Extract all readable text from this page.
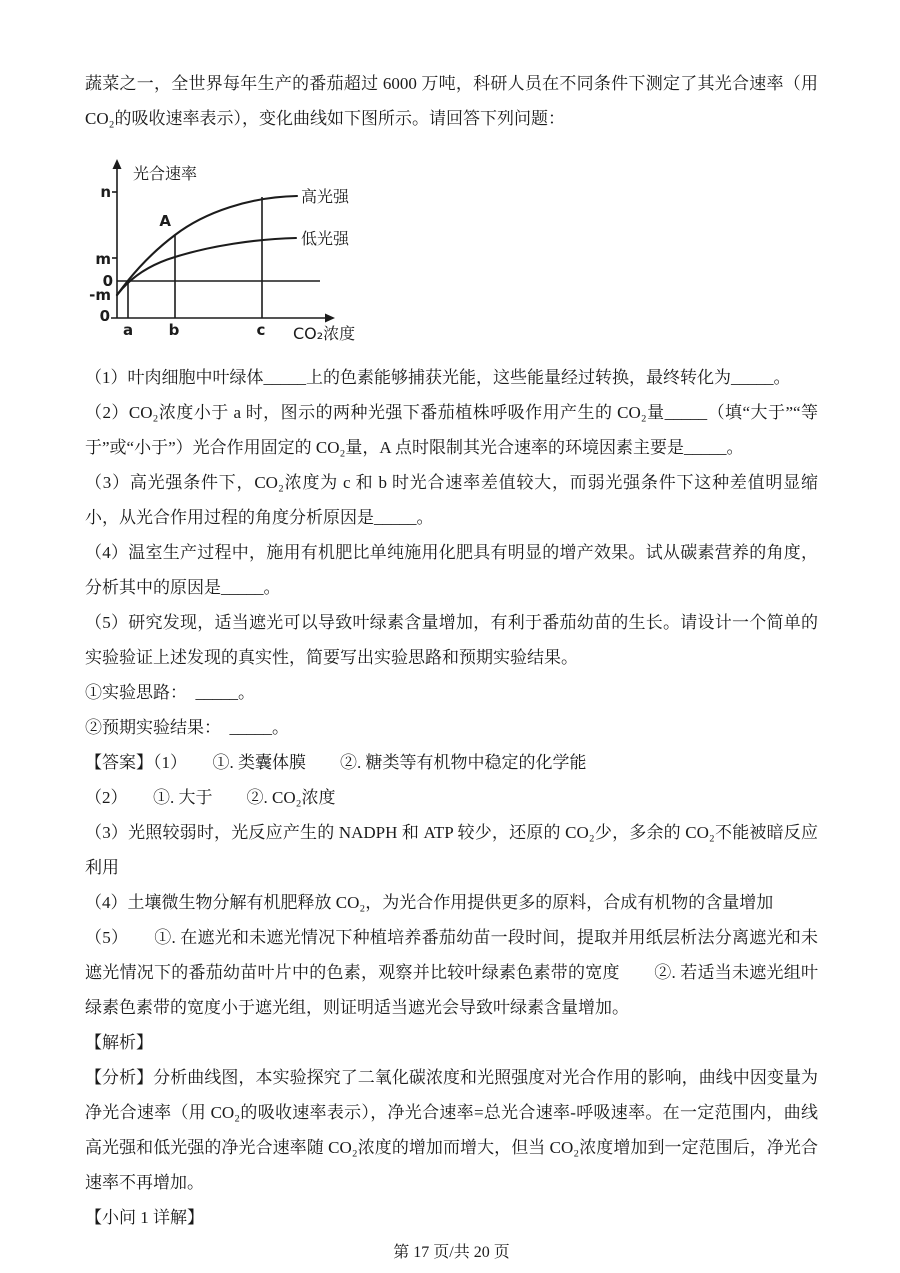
蔬菜之一，全世界每年生产的番茄超过 6000 万吨，科研人员在不同条件下测定了其光合速率（用 CO₂的吸收速率表示），变化曲线如下图所示。请回答下列问题：

光合速率
n
m
0
-m
0
a b	c
A
高光强
低光强
CO₂浓度

（1）叶肉细胞中叶绿体_____上的色素能够捕获光能，这些能量经过转换，最终转化为_____。

（2）CO₂浓度小于 a 时，图示的两种光强下番茄植株呼吸作用产生的 CO₂量_____（填“大于”“等于”或“小于”）光合作用固定的 CO₂量，A 点时限制其光合速率的环境因素主要是_____。

（3）高光强条件下，CO₂浓度为 c 和 b 时光合速率差值较大，而弱光强条件下这种差值明显缩小，从光合作用过程的角度分析原因是_____。

（4）温室生产过程中，施用有机肥比单纯施用化肥具有明显的增产效果。试从碳素营养的角度，分析其中的原因是_____。

（5）研究发现，适当遮光可以导致叶绿素含量增加，有利于番茄幼苗的生长。请设计一个简单的实验验证上述发现的真实性，简要写出实验思路和预期实验结果。

①实验思路：　_____。

②预期实验结果：　_____。

【答案】（1）　　①. 类囊体膜　　②. 糖类等有机物中稳定的化学能

（2）　　①. 大于　　②. CO₂浓度

（3）光照较弱时，光反应产生的 NADPH 和 ATP 较少，还原的 CO₂少，多余的 CO₂不能被暗反应利用

（4）土壤微生物分解有机肥释放 CO₂，为光合作用提供更多的原料，合成有机物的含量增加

（5）　　①. 在遮光和未遮光情况下种植培养番茄幼苗一段时间，提取并用纸层析法分离遮光和未遮光情况下的番茄幼苗叶片中的色素，观察并比较叶绿素色素带的宽度　　②. 若适当未遮光组叶绿素色素带的宽度小于遮光组，则证明适当遮光会导致叶绿素含量增加。

【解析】

【分析】分析曲线图，本实验探究了二氧化碳浓度和光照强度对光合作用的影响，曲线中因变量为净光合速率（用 CO₂的吸收速率表示），净光合速率=总光合速率-呼吸速率。在一定范围内，曲线高光强和低光强的净光合速率随 CO₂浓度的增加而增大，但当 CO₂浓度增加到一定范围后，净光合速率不再增加。

【小问 1 详解】

第 17 页/共 20 页
